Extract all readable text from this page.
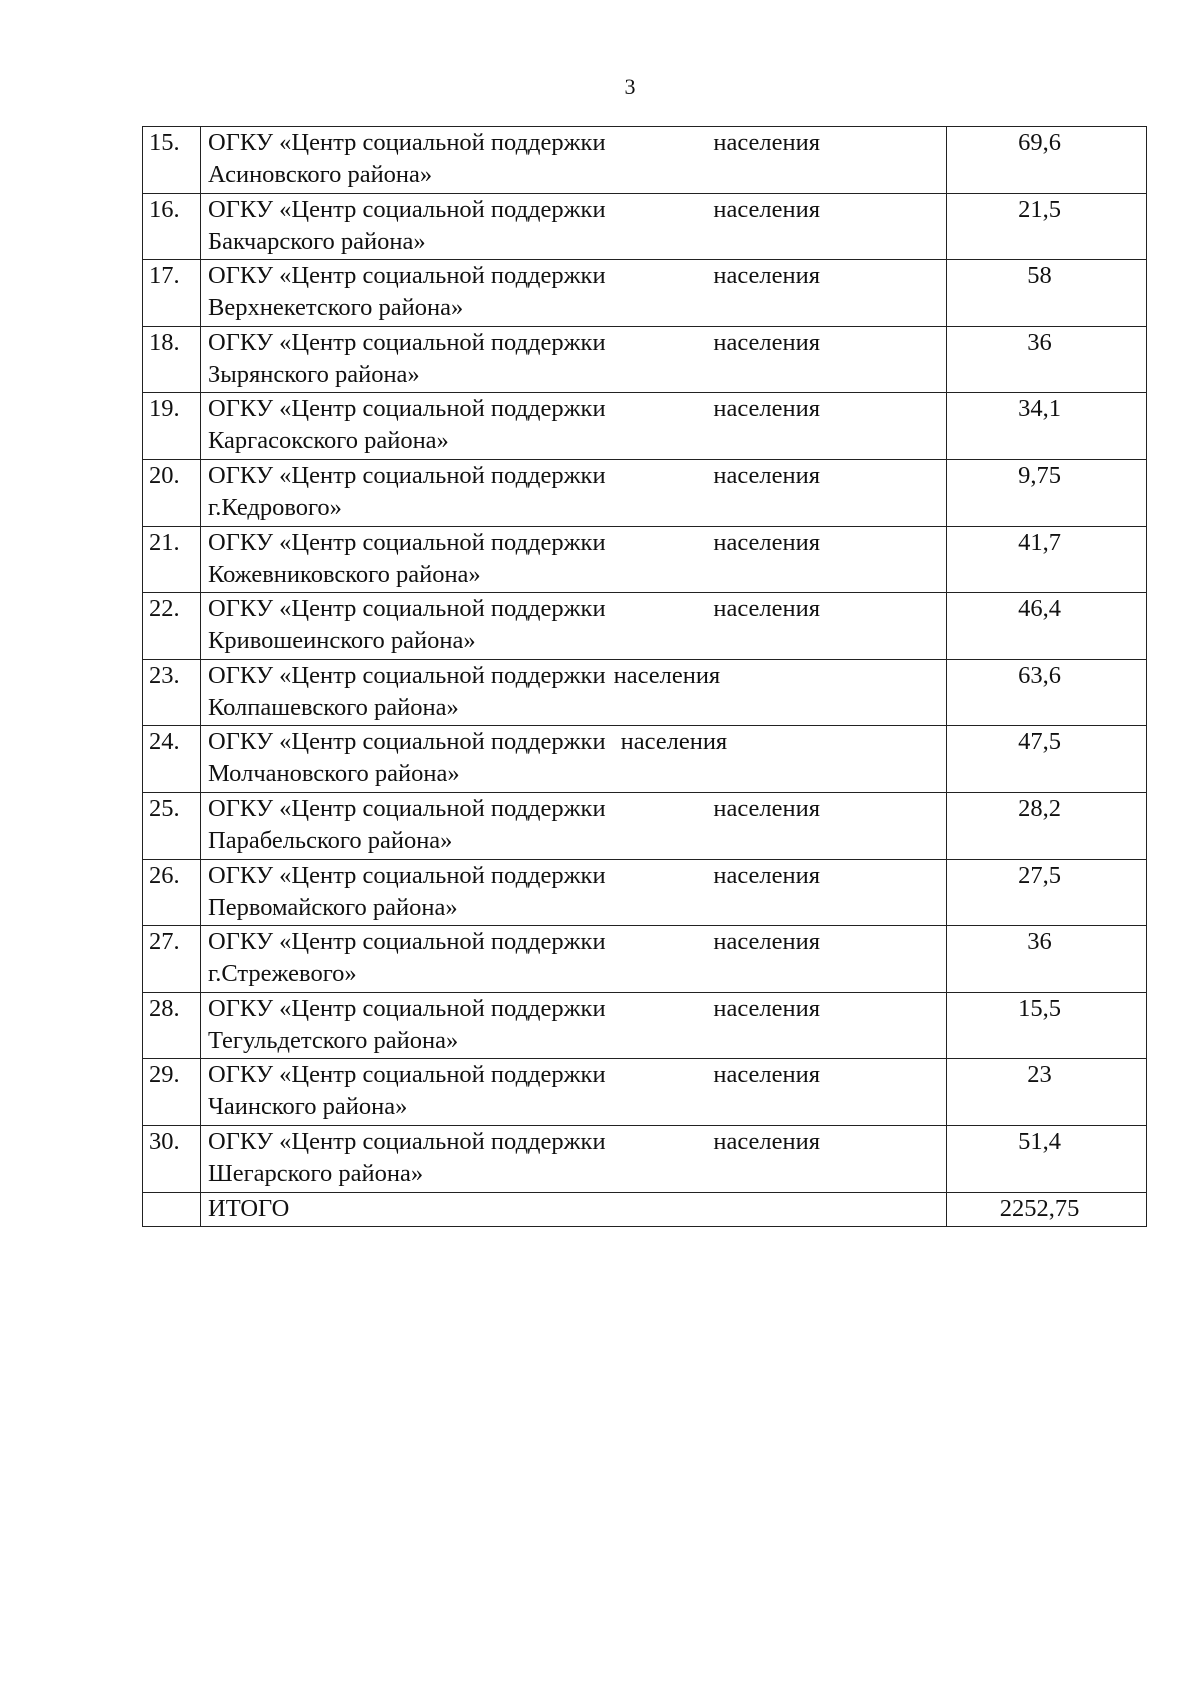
3
15.	ОГКУ «Центр социальной поддержки населения
Асиновского района»	69,6
16.	ОГКУ «Центр социальной поддержки населения
Бакчарского района»	21,5
17.	ОГКУ «Центр социальной поддержки населения
Верхнекетского района»	58
18.	ОГКУ «Центр социальной поддержки населения
Зырянского района»	36
19.	ОГКУ «Центр социальной поддержки населения
Каргасокского района»	34,1
20.	ОГКУ «Центр социальной поддержки населения
г.Кедрового»	9,75
21.	ОГКУ «Центр социальной поддержки населения
Кожевниковского района»	41,7
22.	ОГКУ «Центр социальной поддержки населения
Кривошеинского района»	46,4
23.	ОГКУ «Центр социальной поддержки населения
Колпашевского района»	63,6
24.	ОГКУ «Центр социальной поддержки населения
Молчановского района»	47,5
25.	ОГКУ «Центр социальной поддержки населения
Парабельского района»	28,2
26.	ОГКУ «Центр социальной поддержки населения
Первомайского района»	27,5
27.	ОГКУ «Центр социальной поддержки населения
г.Стрежевого»	36
28.	ОГКУ «Центр социальной поддержки населения
Тегульдетского района»	15,5
29.	ОГКУ «Центр социальной поддержки населения
Чаинского района»	23
30.	ОГКУ «Центр социальной поддержки населения
Шегарского района»	51,4
	ИТОГО	2252,75
